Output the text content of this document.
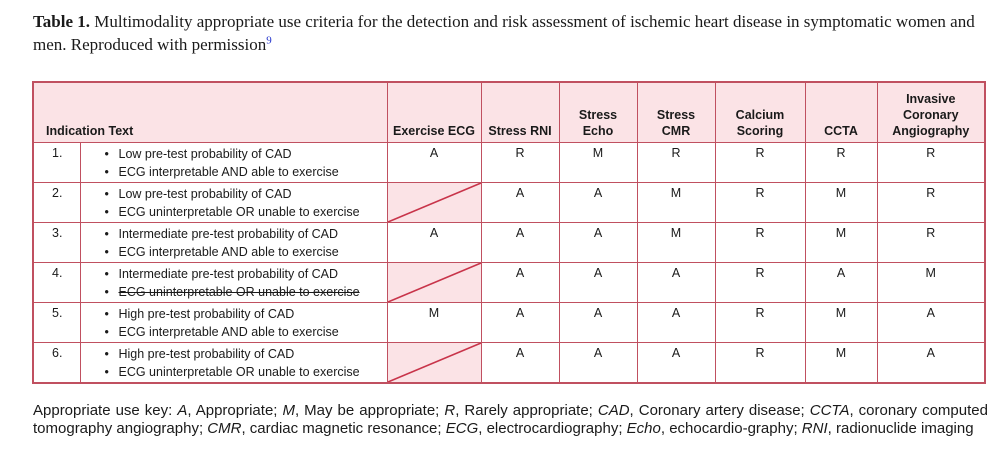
Table 1. Multimodality appropriate use criteria for the detection and risk assessment of ischemic heart disease in symptomatic women and men. Reproduced with permission$^9$
Indication Text		Exercise ECG	Stress RNI	Stress Echo	Stress CMR	Calcium Scoring	CCTA	Invasive Coronary Angiography
1.	• Low pre-test probability of CAD
• ECG interpretable AND able to exercise	A	R	M	R	R	R	R
2.	• Low pre-test probability of CAD
• ECG uninterpretable OR unable to exercise		A	A	M	R	M	R
3.	• Intermediate pre-test probability of CAD
• ECG interpretable AND able to exercise	A	A	A	M	R	M	R
4.	• Intermediate pre-test probability of CAD
• ECG uninterpretable OR unable to exercise		A	A	A	R	A	M
5.	• High pre-test probability of CAD
• ECG interpretable AND able to exercise	M	A	A	A	R	M	A
6.	• High pre-test probability of CAD
• ECG uninterpretable OR unable to exercise		A	A	A	R	M	A
Appropriate use key: A, Appropriate; M, May be appropriate; R, Rarely appropriate; CAD, Coronary artery disease; CCTA, coronary computed tomography angiography; CMR, cardiac magnetic resonance; ECG, electrocardiography; Echo, echocardio-graphy; RNI, radionuclide imaging
